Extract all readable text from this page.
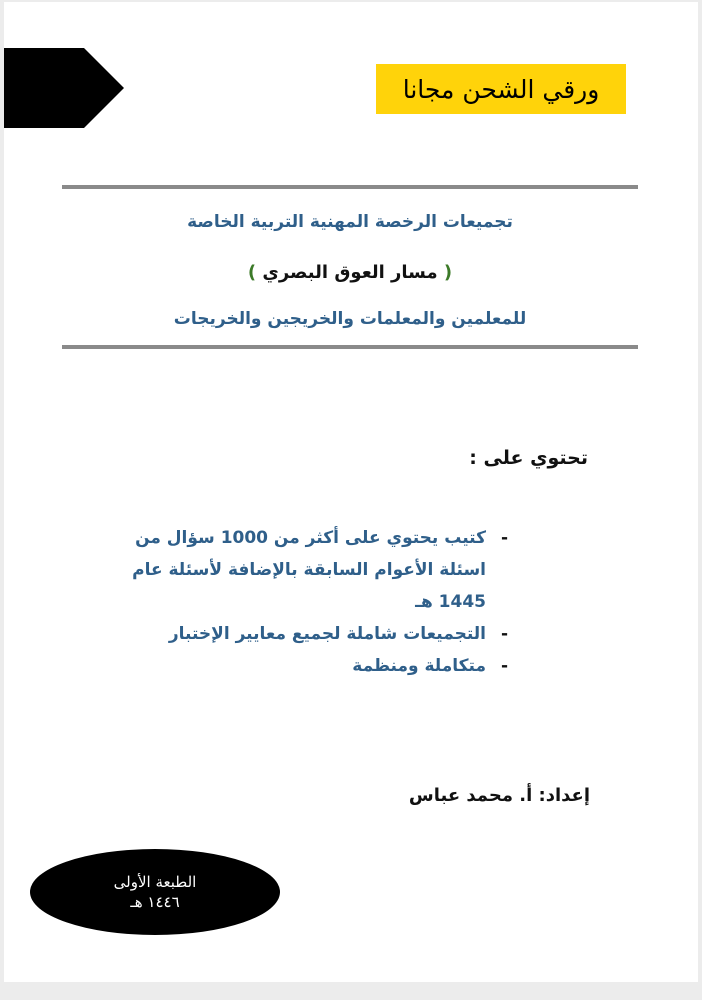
ورقي الشحن مجانا
تجميعات الرخصة المهنية التربية الخاصة
( مسار العوق البصري )
للمعلمين والمعلمات والخريجين والخريجات
تحتوي على :
-
كتيب يحتوي على أكثر من 1000 سؤال من اسئلة الأعوام السابقة بالإضافة لأسئلة عام 1445 هـ
-
التجميعات شاملة لجميع معايير الإختبار
-
متكاملة ومنظمة
إعداد: أ. محمد عباس
الطبعة الأولى
١٤٤٦ هـ
